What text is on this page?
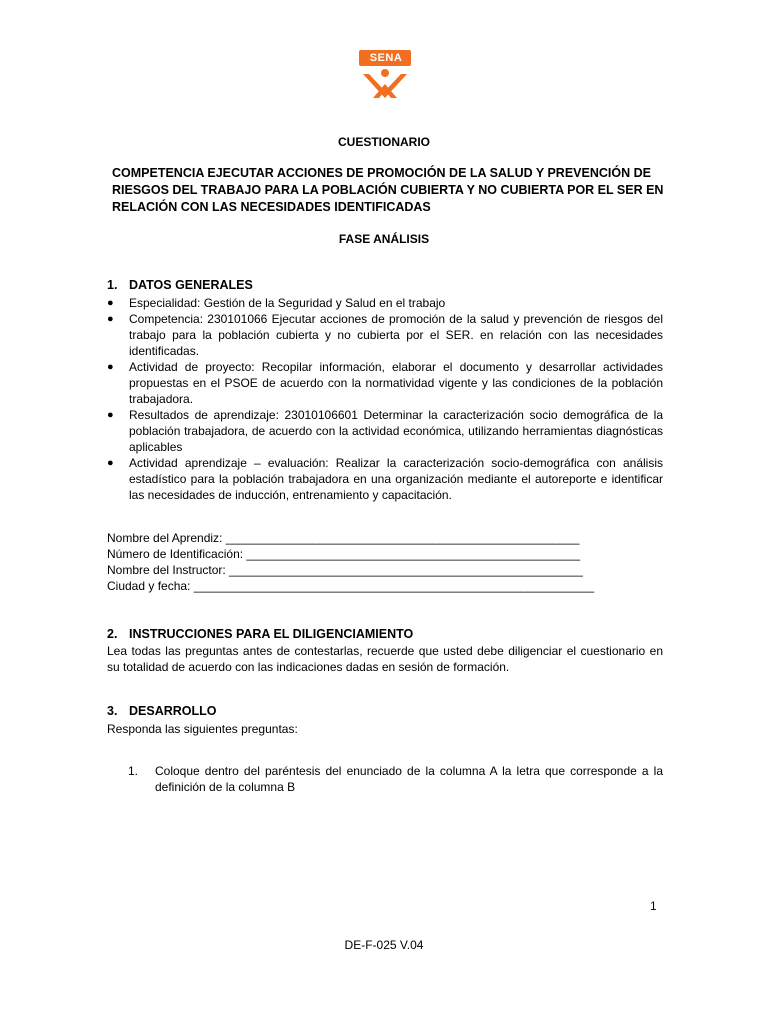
SENA
CUESTIONARIO
COMPETENCIA EJECUTAR ACCIONES DE PROMOCIÓN DE LA SALUD Y PREVENCIÓN DE RIESGOS DEL TRABAJO PARA LA POBLACIÓN CUBIERTA Y NO CUBIERTA POR EL SER EN RELACIÓN CON LAS NECESIDADES IDENTIFICADAS
FASE ANÁLISIS
1. DATOS GENERALES
●	Especialidad: Gestión de la Seguridad y Salud en el trabajo
●	Competencia: 230101066 Ejecutar acciones de promoción de la salud y prevención de riesgos del trabajo para la población cubierta y no cubierta por el SER. en relación con las necesidades identificadas.
●	Actividad de proyecto: Recopilar información, elaborar el documento y desarrollar actividades propuestas en el PSOE de acuerdo con la normatividad vigente y las condiciones de la población trabajadora.
●	Resultados de aprendizaje: 23010106601 Determinar la caracterización socio demográfica de la población trabajadora, de acuerdo con la actividad económica, utilizando herramientas diagnósticas aplicables
●	Actividad aprendizaje – evaluación: Realizar la caracterización socio-demográfica con análisis estadístico para la población trabajadora en una organización mediante el autoreporte e identificar las necesidades de inducción, entrenamiento y capacitación.
Nombre del Aprendiz: _____________________________________________________
Número de Identificación: __________________________________________________
Nombre del Instructor: _____________________________________________________
Ciudad y fecha: ____________________________________________________________
2. INSTRUCCIONES PARA EL DILIGENCIAMIENTO
Lea todas las preguntas antes de contestarlas, recuerde que usted debe diligenciar el cuestionario en su totalidad de acuerdo con las indicaciones dadas en sesión de formación.
3. DESARROLLO
Responda las siguientes preguntas:
1.	Coloque dentro del paréntesis del enunciado de la columna A la letra que corresponde a la definición de la columna B
1
DE-F-025 V.04
